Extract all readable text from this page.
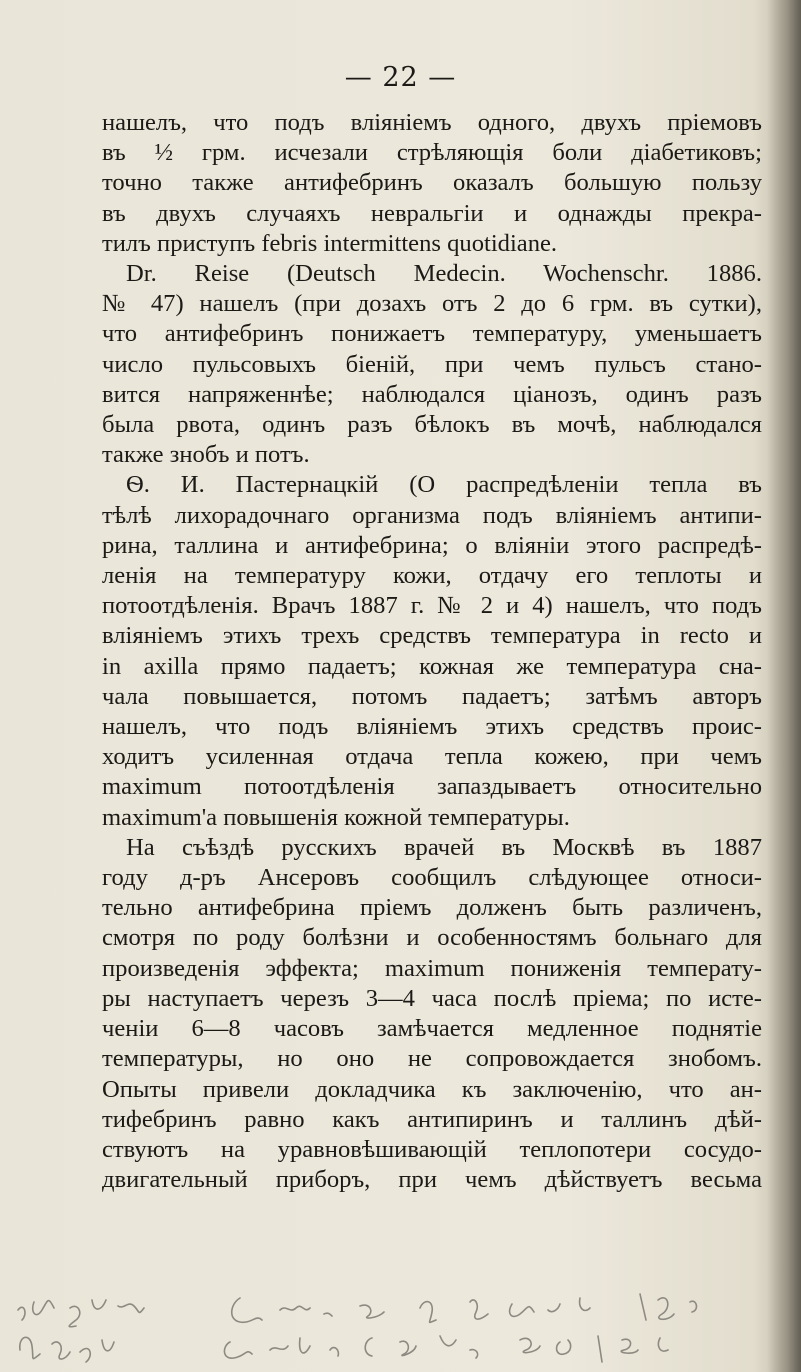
— 22 —
нашелъ, что подъ вліяніемъ одного, двухъ пріемовъ
въ ½ грм. исчезали стрѣляющія боли діабетиковъ;
точно также антифебринъ оказалъ большую пользу
въ двухъ случаяхъ невральгіи и однажды прекра-
тилъ приступъ febris intermittens quotidiane.
Dr. Reise (Deutsch Medecin. Wochenschr. 1886.
№ 47) нашелъ (при дозахъ отъ 2 до 6 грм. въ сутки),
что антифебринъ понижаетъ температуру, уменьшаетъ
число пульсовыхъ біеній, при чемъ пульсъ стано-
вится напряженнѣе; наблюдался ціанозъ, одинъ разъ
была рвота, одинъ разъ бѣлокъ въ мочѣ, наблюдался
также знобъ и потъ.
Ѳ. И. Пастернацкій (О распредѣленіи тепла въ
тѣлѣ лихорадочнаго организма подъ вліяніемъ антипи-
рина, таллина и антифебрина; о вліяніи этого распредѣ-
ленія на температуру кожи, отдачу его теплоты и
потоотдѣленія. Врачъ 1887 г. № 2 и 4) нашелъ, что подъ
вліяніемъ этихъ трехъ средствъ температура in recto и
in axilla прямо падаетъ; кожная же температура сна-
чала повышается, потомъ падаетъ; затѣмъ авторъ
нашелъ, что подъ вліяніемъ этихъ средствъ проис-
ходитъ усиленная отдача тепла кожею, при чемъ
maximum потоотдѣленія запаздываетъ относительно
maximum'а повышенія кожной температуры.
На съѣздѣ русскихъ врачей въ Москвѣ въ 1887
году д-ръ Ансеровъ сообщилъ слѣдующее относи-
тельно антифебрина пріемъ долженъ быть различенъ,
смотря по роду болѣзни и особенностямъ больнаго для
произведенія эффекта; maximum пониженія температу-
ры наступаетъ черезъ 3—4 часа послѣ пріема; по исте-
ченіи 6—8 часовъ замѣчается медленное поднятіе
температуры, но оно не сопровождается знобомъ.
Опыты привели докладчика къ заключенію, что ан-
тифебринъ равно какъ антипиринъ и таллинъ дѣй-
ствуютъ на уравновѣшивающій теплопотери сосудо-
двигательный приборъ, при чемъ дѣйствуетъ весьма
